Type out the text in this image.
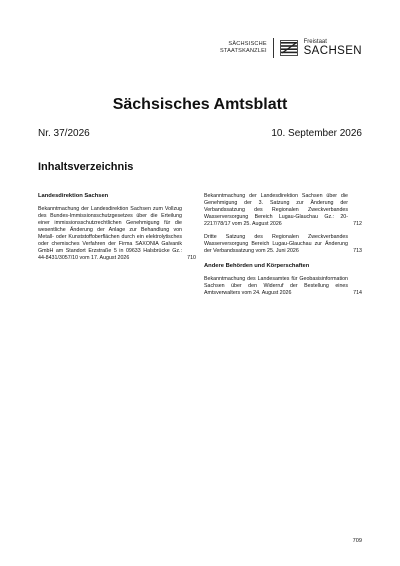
SÄCHSISCHE
STAATSKANZLEI
Freistaat
SACHSEN
Sächsisches Amtsblatt
Nr. 37/2026	10. September 2026
Inhaltsverzeichnis
Landesdirektion Sachsen
Bekanntmachung der Landesdirektion Sachsen zum Vollzug des Bundes-Immissionsschutzgesetzes über die Erteilung einer immissionsschutzrechtlichen Genehmigung für die wesentliche Änderung der Anlage zur Behandlung von Metall- oder Kunststoffoberflächen durch ein elektrolytisches oder chemisches Verfahren der Firma SAXONIA Galvanik GmbH am Standort Erzstraße 5 in 09633 Halsbrücke Gz.: 44-8431/3057/10 vom 17. August 2026	710
Bekanntmachung der Landesdirektion Sachsen über die Genehmigung der 3. Satzung zur Änderung der Verbandssatzung des Regionalen Zweckverbandes Wasserversorgung Bereich Lugau-Glauchau Gz.: 20-2217/78/17 vom 25. August 2026	712
Dritte Satzung des Regionalen Zweckverbandes Wasserversorgung Bereich Lugau-Glauchau zur Änderung der Verbandssatzung vom 25. Juni 2026	713
Andere Behörden und Körperschaften
Bekanntmachung des Landesamtes für Geobasisinformation Sachsen über den Widerruf der Bestellung eines Amtsverwalters vom 24. August 2026	714
709
